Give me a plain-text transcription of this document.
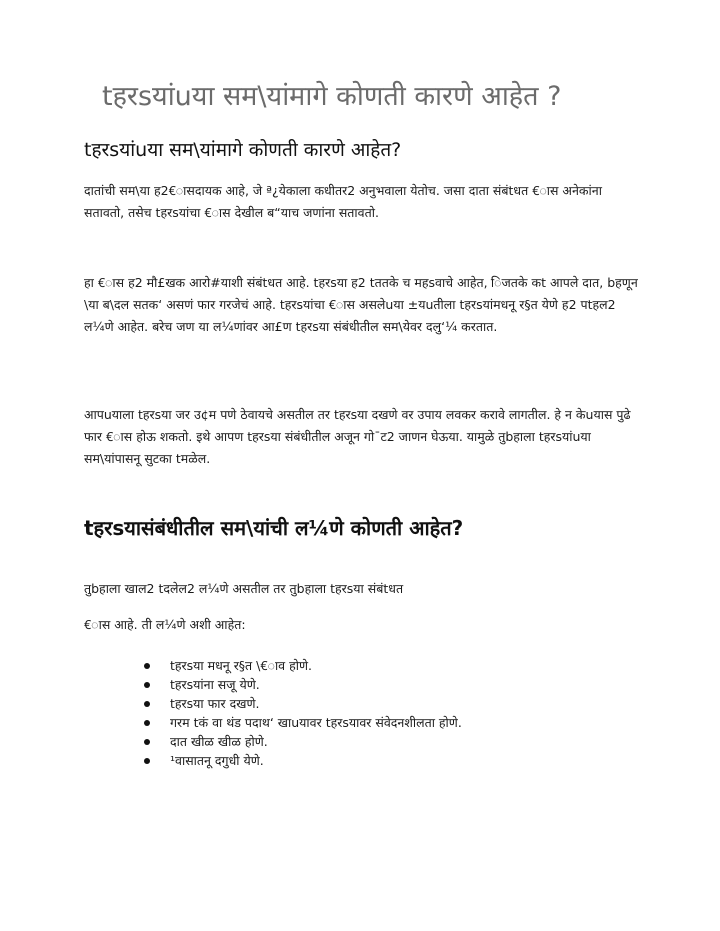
tहरsयांuया सम\यांमागे कोणती कारणे आहेत ?
tहरsयांuया सम\यांमागे कोणती कारणे आहेत?

दातांची सम\या ह2€ासदायक आहे, जे ª¿येकाला कधीतर2 अनुभवाला येतोच. जसा दाता संबंtधत €ास अनेकांना सतावतो, तसेच tहरsयांचा €ास देखील ब“याच जणांना सतावतो.

हा €ास ह2 मौ£खक आरो#याशी संबंtधत आहे. tहरsया ह2 tततके च महsवाचे आहेत, िजतके कt आपले दात, bहणून \या ब\दल सतक‘ असणं फार गरजेचं आहे. tहरsयांचा €ास असलेuया ±यuतीला tहरsयांमधनू र§त येणे ह2 पtहल2 ल¼णे आहेत. बरेच जण या ल¼णांवर आ£ण tहरsया संबंधीतील सम\येवर दलु‘¼ करतात.

आपuयाला tहरsया जर उ¢म पणे ठेवायचे असतील तर tहरsया दखणे वर उपाय लवकर करावे लागतील. हे न केuयास पुढे फार €ास होऊ शकतो. इथे आपण tहरsया संबंधीतील अजून गो¯ट2 जाणन घेऊया. यामुळे तुbहाला tहरsयांuया सम\यांपासनू सुटका tमळेल.

tहरsयासंबंधीतील सम\यांची ल¼णे कोणती आहेत?

तुbहाला खाल2 tदलेल2 ल¼णे असतील तर तुbहाला tहरsया संबंtधत

€ास आहे. ती ल¼णे अशी आहेत:

tहरsया मधनू र§त \€ाव होणे.
tहरsयांना सजू येणे.
tहरsया फार दखणे.
गरम tकं वा थंड पदाथ‘ खाuयावर tहरsयावर संवेदनशीलता होणे.
दात खीळ खीळ होणे.
¹वासातनू दगुधी येणे.
